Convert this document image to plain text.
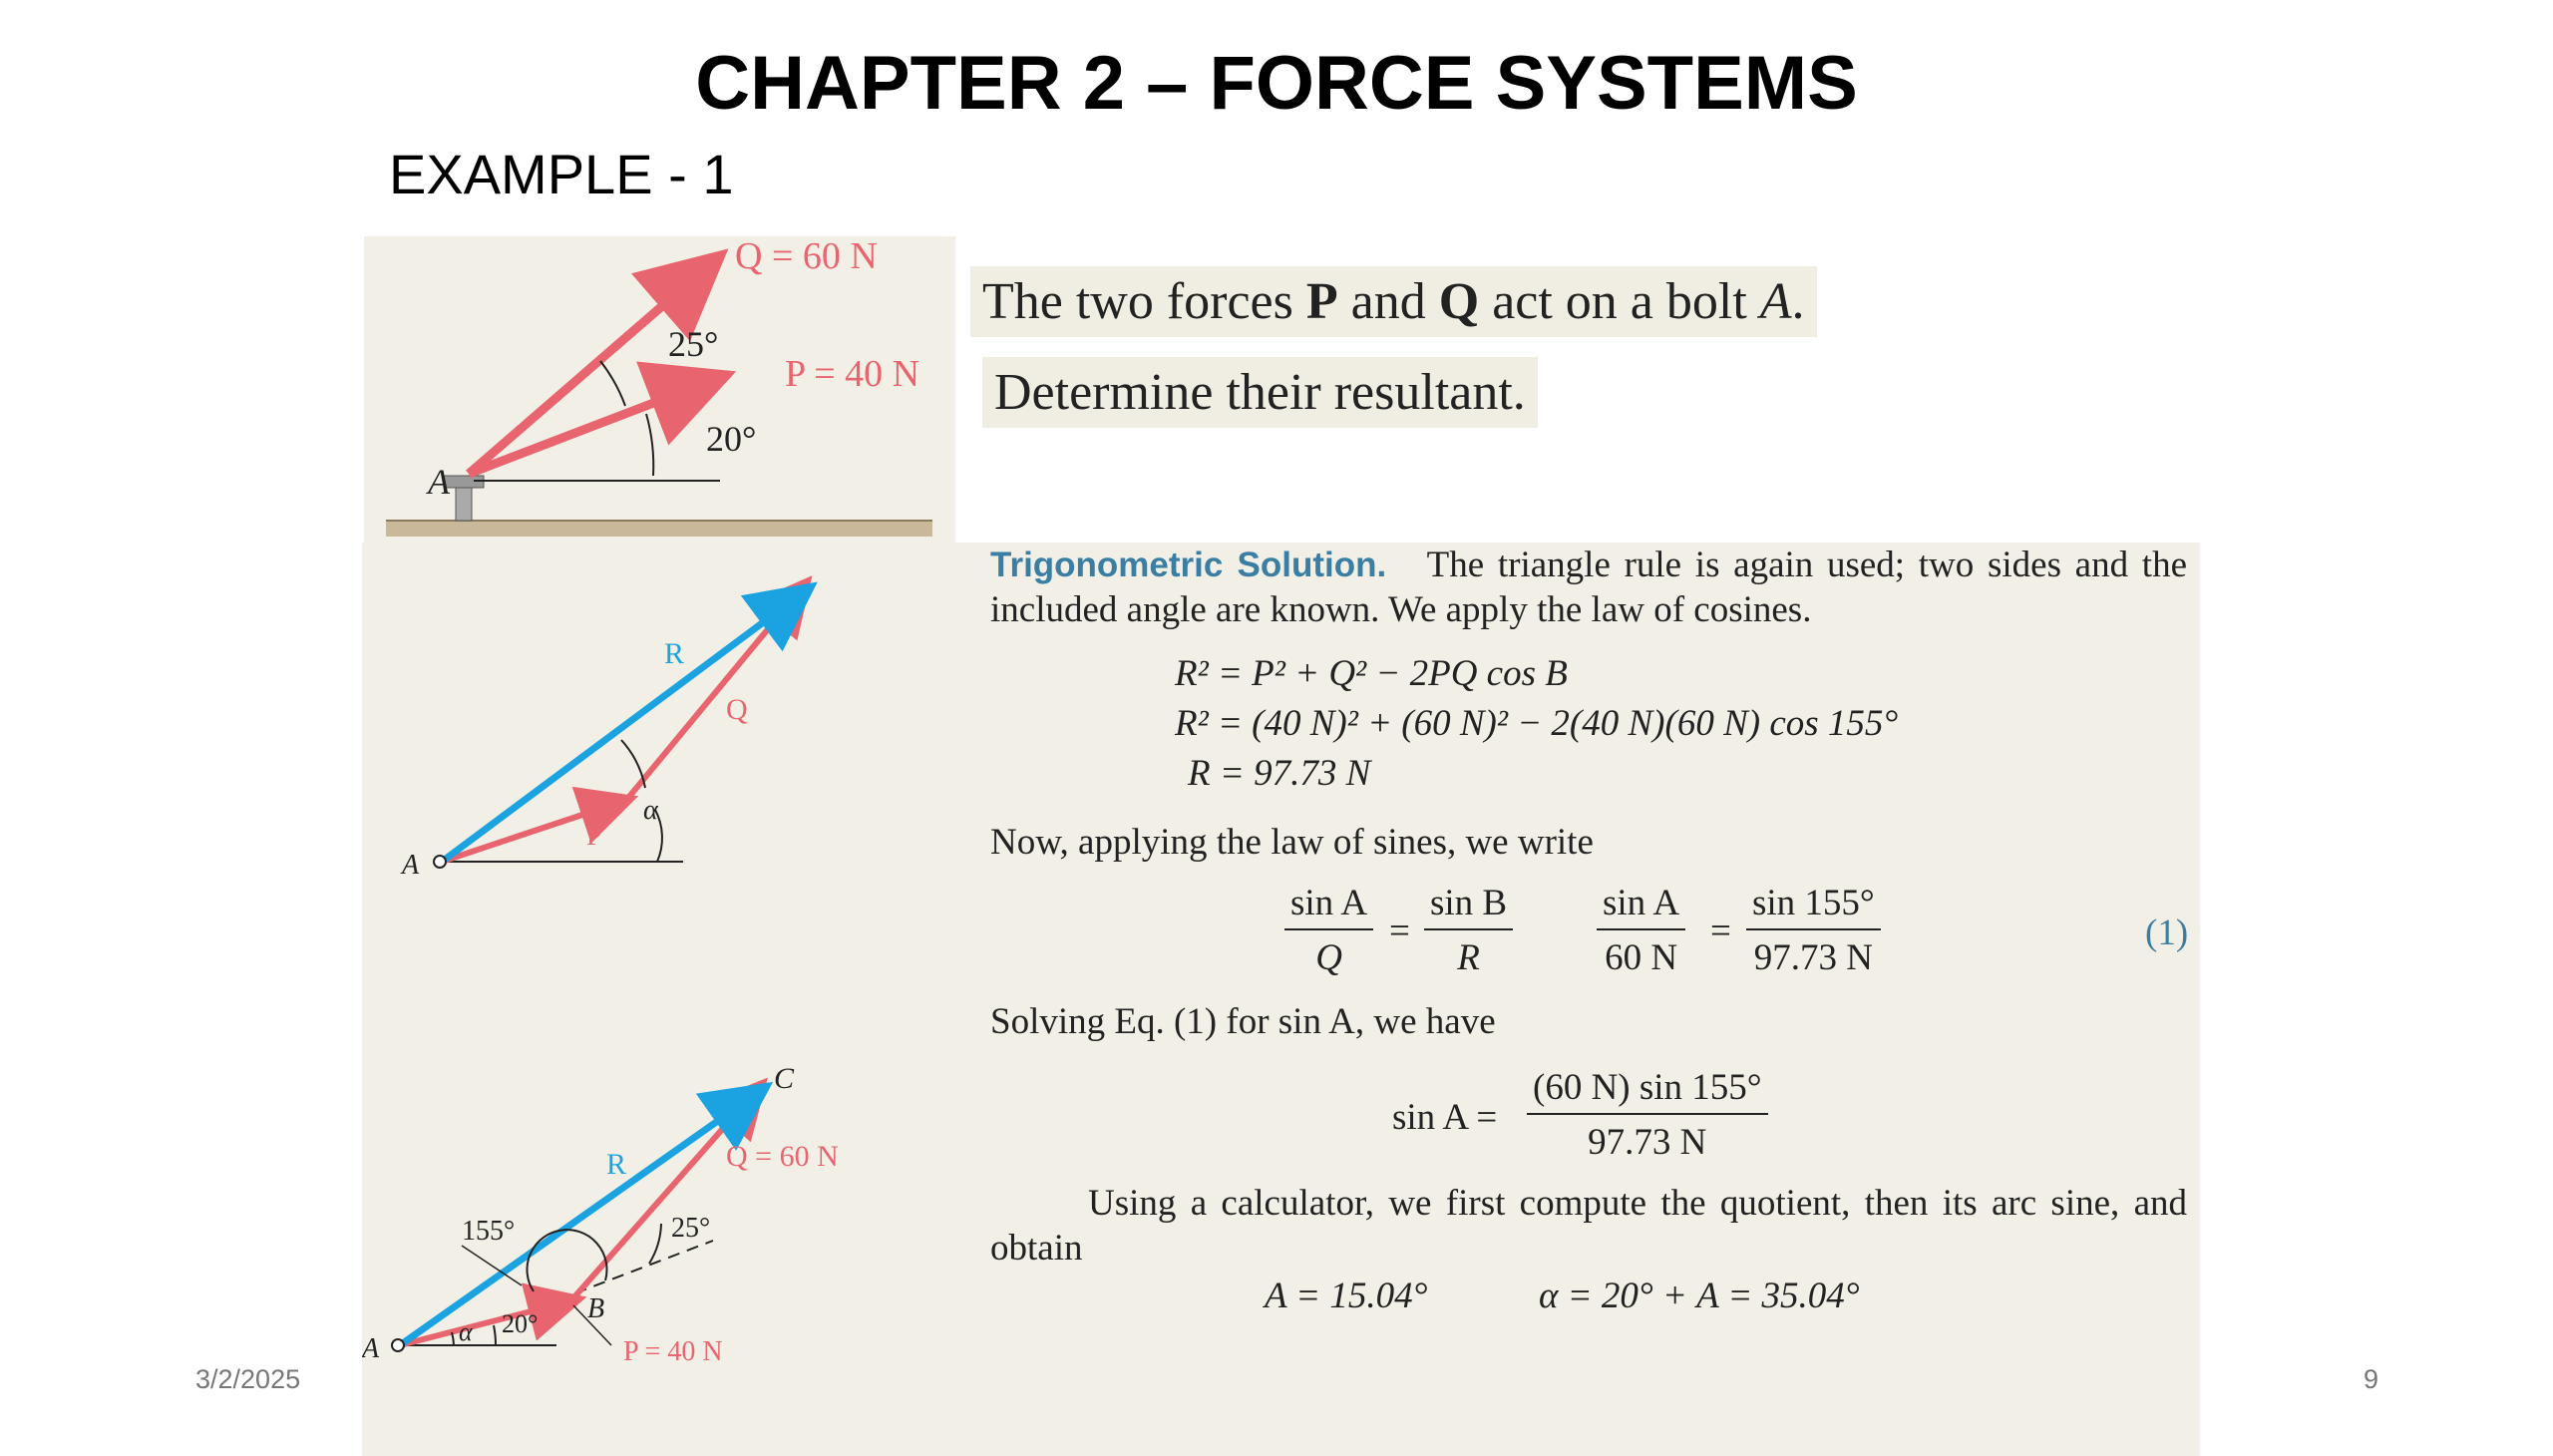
CHAPTER 2 – FORCE SYSTEMS
EXAMPLE - 1
Q = 60 N
P = 40 N
25°
20°
A
The two forces P and Q act on a bolt A.
Determine their resultant.
R
Q
P
α
A
C
R	Q = 60 N
155°	25°
B
α 20°
A	P = 40 N
Trigonometric Solution. The triangle rule is again used; two sides and the included angle are known. We apply the law of cosines.
R² = P² + Q² − 2PQ cos B
R² = (40 N)² + (60 N)² − 2(40 N)(60 N) cos 155°
R = 97.73 N
Now, applying the law of sines, we write
$\frac{\text{sin A}}{Q} = \frac{\text{sin B}}{R} \frac{\text{sin A}}{60 N} = \frac{\sin 155^\circ}{97.73 N}$	(1)
Solving Eq. (1) for sin A, we have
$\sin A = \frac{(60 N) \sin 155^\circ}{97.73 N}$
Using a calculator, we first compute the quotient, then its arc sine, and obtain
A = 15.04°	α = 20° + A = 35.04°
3/2/2025	9
